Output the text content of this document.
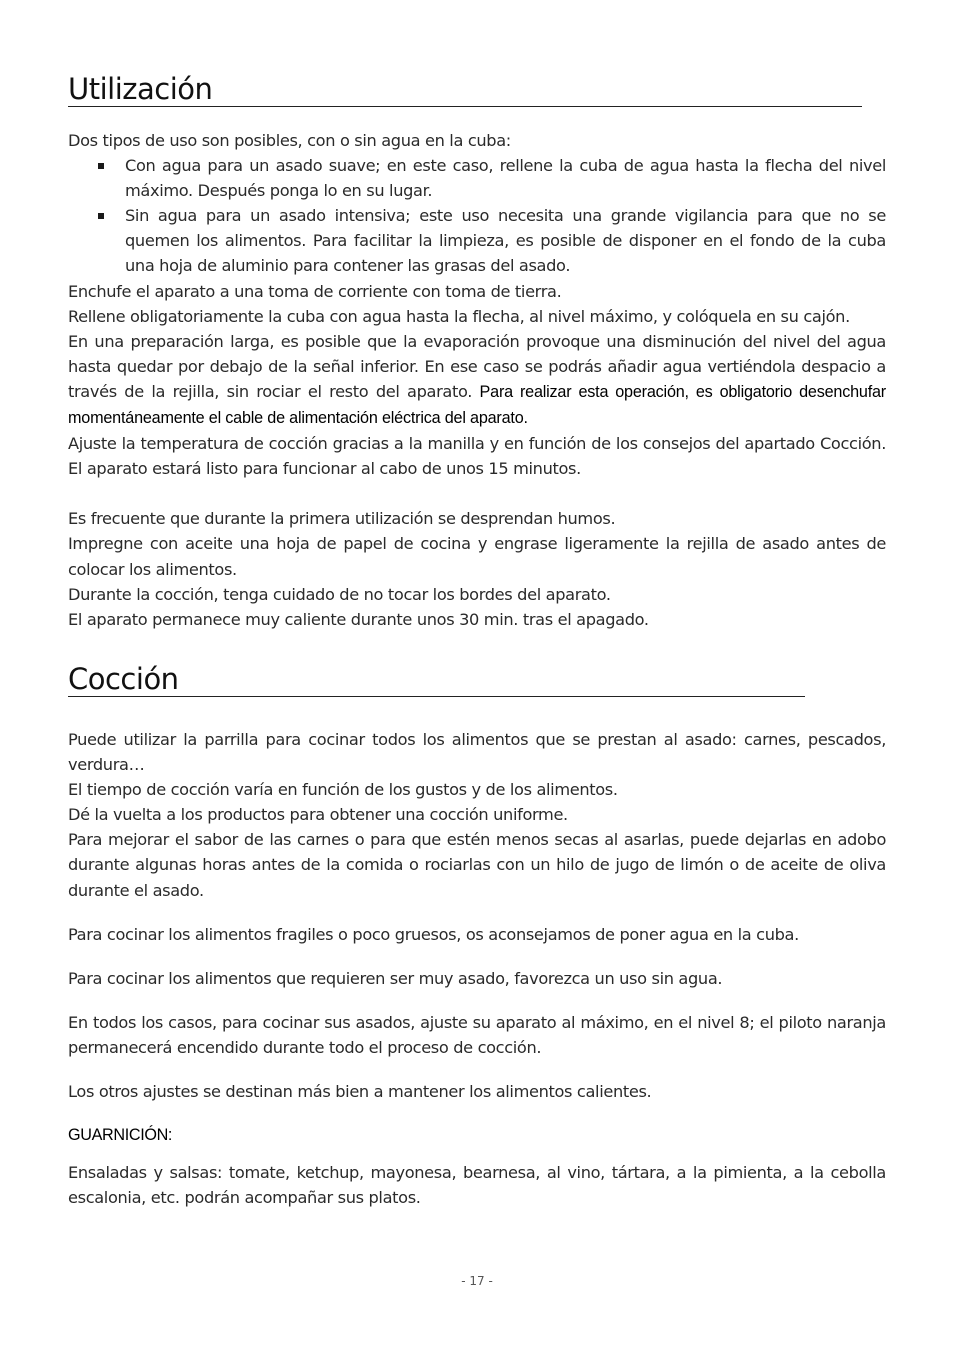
Utilización

Dos tipos de uso son posibles, con o sin agua en la cuba:

Con agua para un asado suave; en este caso, rellene la cuba de agua hasta la flecha del nivel máximo. Después ponga lo en su lugar.
Sin agua para un asado intensiva; este uso necesita una grande vigilancia para que no se quemen los alimentos. Para facilitar la limpieza, es posible de disponer en el fondo de la cuba una hoja de aluminio para contener las grasas del asado.

Enchufe el aparato a una toma de corriente con toma de tierra.

Rellene obligatoriamente la cuba con agua hasta la flecha, al nivel máximo, y colóquela en su cajón.

En una preparación larga, es posible que la evaporación provoque una disminución del nivel del agua hasta quedar por debajo de la señal inferior. En ese caso se podrás añadir agua vertiéndola despacio a través de la rejilla, sin rociar el resto del aparato. Para realizar esta operación, es obligatorio desenchufar momentáneamente el cable de alimentación eléctrica del aparato.

Ajuste la temperatura de cocción gracias a la manilla y en función de los consejos del apartado Cocción. El aparato estará listo para funcionar al cabo de unos 15 minutos.

Es frecuente que durante la primera utilización se desprendan humos.

Impregne con aceite una hoja de papel de cocina y engrase ligeramente la rejilla de asado antes de colocar los alimentos.

Durante la cocción, tenga cuidado de no tocar los bordes del aparato.

El aparato permanece muy caliente durante unos 30 min. tras el apagado.

Cocción

Puede utilizar la parrilla para cocinar todos los alimentos que se prestan al asado: carnes, pescados, verdura…

El tiempo de cocción varía en función de los gustos y de los alimentos.

Dé la vuelta a los productos para obtener una cocción uniforme.

Para mejorar el sabor de las carnes o para que estén menos secas al asarlas, puede dejarlas en adobo durante algunas horas antes de la comida o rociarlas con un hilo de jugo de limón o de aceite de oliva durante el asado.

Para cocinar los alimentos fragiles o poco gruesos, os aconsejamos de poner agua en la cuba.

Para cocinar los alimentos que requieren ser muy asado, favorezca un uso sin agua.

En todos los casos, para cocinar sus asados, ajuste su aparato al máximo, en el nivel 8; el piloto naranja permanecerá encendido durante todo el proceso de cocción.

Los otros ajustes se destinan más bien a mantener los alimentos calientes.

GUARNICIÓN:

Ensaladas y salsas: tomate, ketchup, mayonesa, bearnesa, al vino, tártara, a la pimienta, a la cebolla escalonia, etc. podrán acompañar sus platos.

- 17 -
